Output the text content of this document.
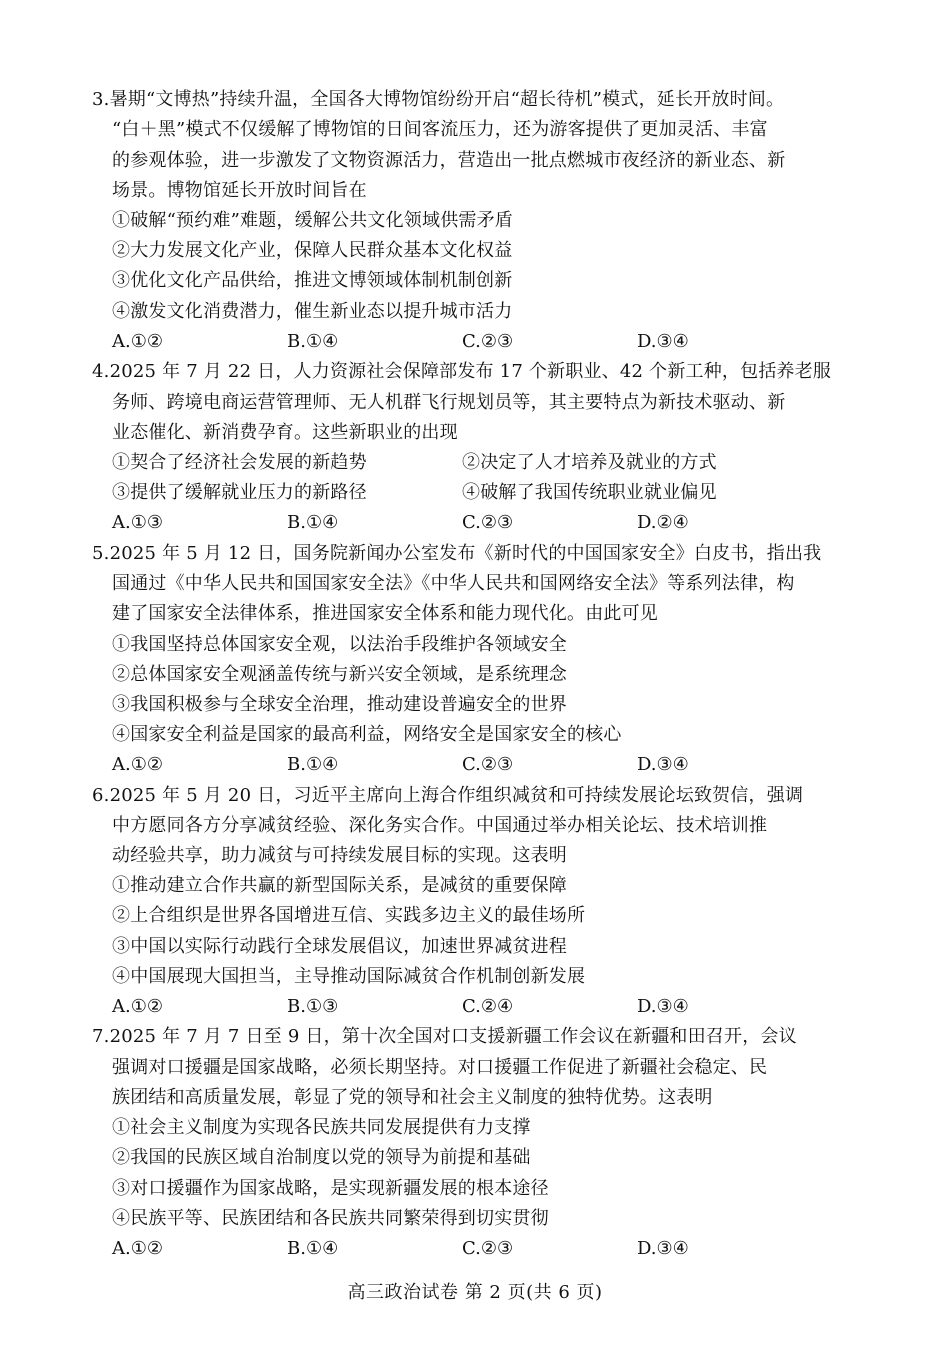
3.暑期“文博热”持续升温，全国各大博物馆纷纷开启“超长待机”模式，延长开放时间。
“白＋黑”模式不仅缓解了博物馆的日间客流压力，还为游客提供了更加灵活、丰富
的参观体验，进一步激发了文物资源活力，营造出一批点燃城市夜经济的新业态、新
场景。博物馆延长开放时间旨在
①破解“预约难”难题，缓解公共文化领域供需矛盾
②大力发展文化产业，保障人民群众基本文化权益
③优化文化产品供给，推进文博领域体制机制创新
④激发文化消费潜力，催生新业态以提升城市活力
A.①②	B.①④	C.②③	D.③④
4.2025 年 7 月 22 日，人力资源社会保障部发布 17 个新职业、42 个新工种，包括养老服
务师、跨境电商运营管理师、无人机群飞行规划员等，其主要特点为新技术驱动、新
业态催化、新消费孕育。这些新职业的出现
①契合了经济社会发展的新趋势	②决定了人才培养及就业的方式
③提供了缓解就业压力的新路径	④破解了我国传统职业就业偏见
A.①③	B.①④	C.②③	D.②④
5.2025 年 5 月 12 日，国务院新闻办公室发布《新时代的中国国家安全》白皮书，指出我
国通过《中华人民共和国国家安全法》《中华人民共和国网络安全法》等系列法律，构
建了国家安全法律体系，推进国家安全体系和能力现代化。由此可见
①我国坚持总体国家安全观，以法治手段维护各领域安全
②总体国家安全观涵盖传统与新兴安全领域，是系统理念
③我国积极参与全球安全治理，推动建设普遍安全的世界
④国家安全利益是国家的最高利益，网络安全是国家安全的核心
A.①②	B.①④	C.②③	D.③④
6.2025 年 5 月 20 日，习近平主席向上海合作组织减贫和可持续发展论坛致贺信，强调
中方愿同各方分享减贫经验、深化务实合作。中国通过举办相关论坛、技术培训推
动经验共享，助力减贫与可持续发展目标的实现。这表明
①推动建立合作共赢的新型国际关系，是减贫的重要保障
②上合组织是世界各国增进互信、实践多边主义的最佳场所
③中国以实际行动践行全球发展倡议，加速世界减贫进程
④中国展现大国担当，主导推动国际减贫合作机制创新发展
A.①②	B.①③	C.②④	D.③④
7.2025 年 7 月 7 日至 9 日，第十次全国对口支援新疆工作会议在新疆和田召开，会议
强调对口援疆是国家战略，必须长期坚持。对口援疆工作促进了新疆社会稳定、民
族团结和高质量发展，彰显了党的领导和社会主义制度的独特优势。这表明
①社会主义制度为实现各民族共同发展提供有力支撑
②我国的民族区域自治制度以党的领导为前提和基础
③对口援疆作为国家战略，是实现新疆发展的根本途径
④民族平等、民族团结和各民族共同繁荣得到切实贯彻
A.①②	B.①④	C.②③	D.③④
高三政治试卷 第 2 页(共 6 页)
